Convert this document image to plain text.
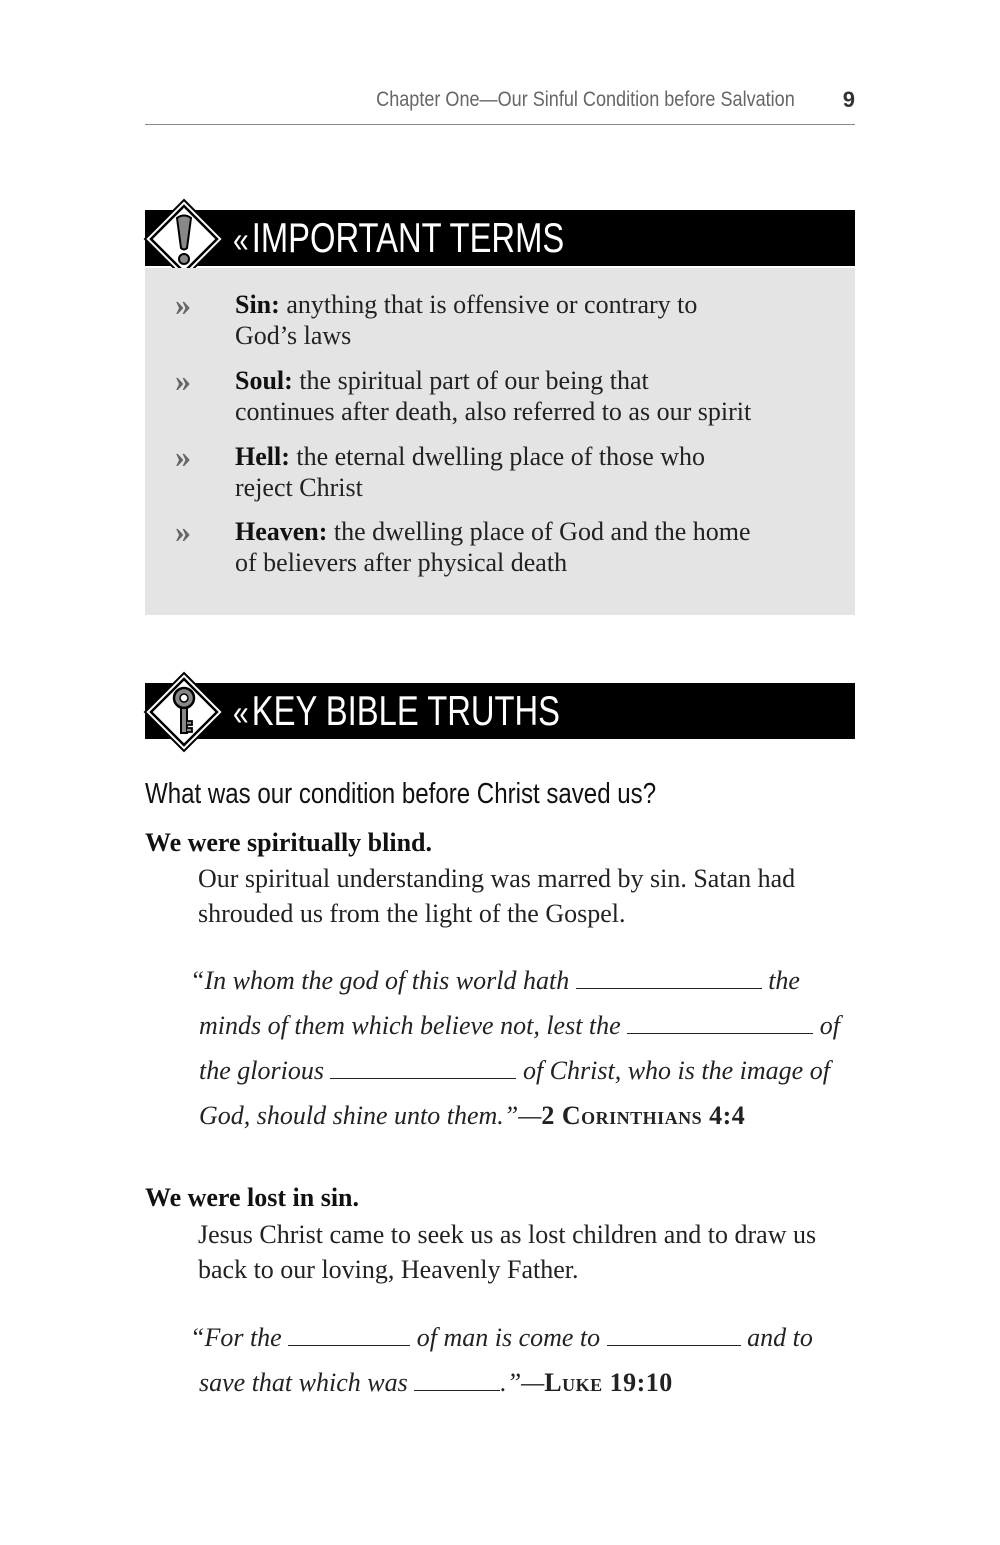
Chapter One—Our Sinful Condition before Salvation 9
«IMPORTANT TERMS
» Sin: anything that is offensive or contrary to
God’s laws
» Soul: the spiritual part of our being that
continues after death, also referred to as our spirit
» Hell: the eternal dwelling place of those who
reject Christ
» Heaven: the dwelling place of God and the home
of believers after physical death
«KEY BIBLE TRUTHS
What was our condition before Christ saved us?
We were spiritually blind.
Our spiritual understanding was marred by sin. Satan had
shrouded us from the light of the Gospel.
“In whom the god of this world hath	the
minds of them which believe not, lest the	of
the glorious	of Christ, who is the image of
God, should shine unto them.”—2 Corinthians 4:4
We were lost in sin.
Jesus Christ came to seek us as lost children and to draw us
back to our loving, Heavenly Father.
“For the	of man is come to	and to
save that which was	.”—Luke 19:10
